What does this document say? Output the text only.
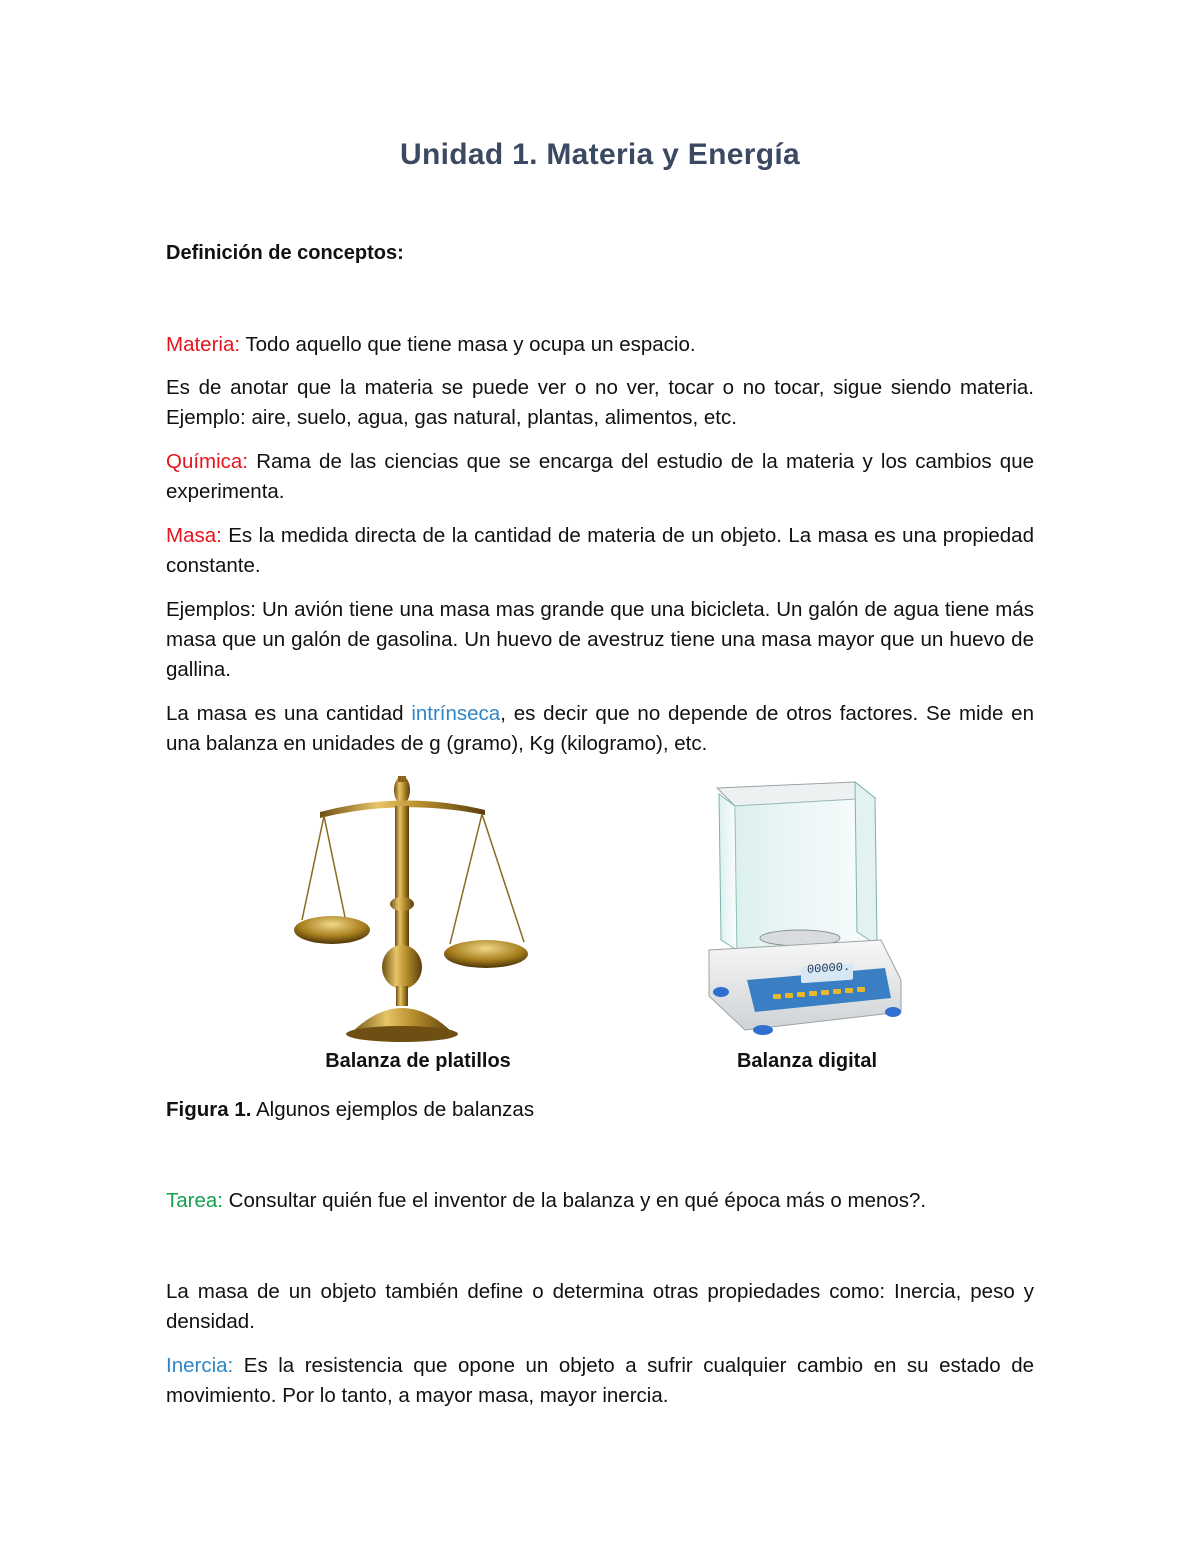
Unidad 1. Materia y Energía
Definición de conceptos:
Materia: Todo aquello que tiene masa y ocupa un espacio.
Es de anotar que la materia se puede ver o no ver, tocar o no tocar, sigue siendo materia. Ejemplo: aire, suelo, agua, gas natural, plantas, alimentos, etc.
Química: Rama de las ciencias que se encarga del estudio de la materia y los cambios que experimenta.
Masa: Es la medida directa de la cantidad de materia de un objeto. La masa es una propiedad constante.
Ejemplos: Un avión tiene una masa mas grande que una bicicleta. Un galón de agua tiene más masa que un galón de gasolina. Un huevo de avestruz tiene una masa mayor que un huevo de gallina.
La masa es una cantidad intrínseca, es decir que no depende de otros factores. Se mide en una balanza en unidades de g (gramo), Kg (kilogramo), etc.
00000.
Balanza de platillos	Balanza digital
Figura 1. Algunos ejemplos de balanzas
Tarea: Consultar quién fue el inventor de la balanza y en qué época más o menos?.
La masa de un objeto también define o determina otras propiedades como: Inercia, peso y densidad.
Inercia: Es la resistencia que opone un objeto a sufrir cualquier cambio en su estado de movimiento. Por lo tanto, a mayor masa, mayor inercia.
